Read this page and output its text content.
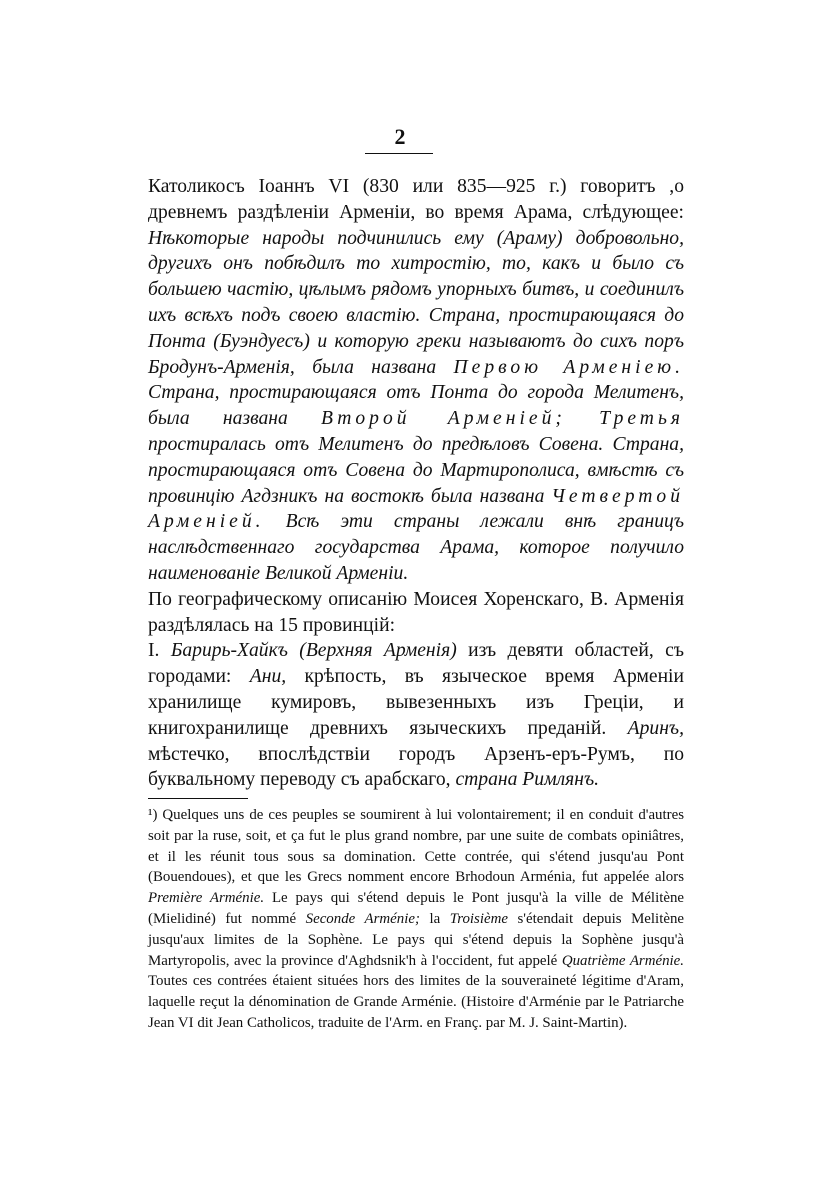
2

Католикосъ Іоаннъ VI (830 или 835—925 г.) говоритъ ,о древнемъ раздѣленіи Арменіи, во время Арама, слѣдующее: Нѣкоторые народы подчинились ему (Араму) добровольно, другихъ онъ побѣдилъ то хитростію, то, какъ и было съ большею частію, цѣлымъ рядомъ упорныхъ битвъ, и соединилъ ихъ всѣхъ подъ своею властію. Страна, простирающаяся до Понта (Буэндуесъ) и которую греки называютъ до сихъ поръ Бродунъ-Арменія, была названа Первою Арменіею. Страна, простирающаяся отъ Понта до города Мелитенъ, была названа Второй Арменіей; Третья простиралась отъ Мелитенъ до предѣловъ Совена. Страна, простирающаяся отъ Совена до Мартирополиса, вмѣстѣ съ провинцію Агдзникъ на востокѣ была названа Четвертой Арменіей. Всѣ эти страны лежали внѣ границъ наслѣдственнаго государства Арама, которое получило наименованіе Великой Арменіи.

По географическому описанію Моисея Хоренскаго, В. Арменія раздѣлялась на 15 провинцій:

I. Барирь-Хайкъ (Верхняя Арменія) изъ девяти областей, съ городами: Ани, крѣпость, въ языческое время Арменіи хранилище кумировъ, вывезенныхъ изъ Греціи, и книгохранилище древнихъ языческихъ преданій. Аринъ, мѣстечко, впослѣдствіи городъ Арзенъ-еръ-Румъ, по буквальному переводу съ арабскаго, страна Римлянъ.

¹) Quelques uns de ces peuples se soumirent à lui volontairement; il en conduit d'autres soit par la ruse, soit, et ça fut le plus grand nombre, par une suite de combats opiniâtres, et il les réunit tous sous sa domination. Cette contrée, qui s'étend jusqu'au Pont (Bouendoues), et que les Grecs nomment encore Brhodoun Arménia, fut appelée alors Première Arménie. Le pays qui s'étend depuis le Pont jusqu'à la ville de Mélitène (Mielidiné) fut nommé Seconde Arménie; la Troisième s'étendait depuis Melitène jusqu'aux limites de la Sophène. Le pays qui s'étend depuis la Sophène jusqu'à Martyropolis, avec la province d'Aghdsnik'h à l'occident, fut appelé Quatrième Arménie. Toutes ces contrées étaient situées hors des limites de la souveraineté légitime d'Aram, laquelle reçut la dénomination de Grande Arménie. (Histoire d'Arménie par le Patriarche Jean VI dit Jean Catholicos, traduite de l'Arm. en Franç. par M. J. Saint-Martin).
